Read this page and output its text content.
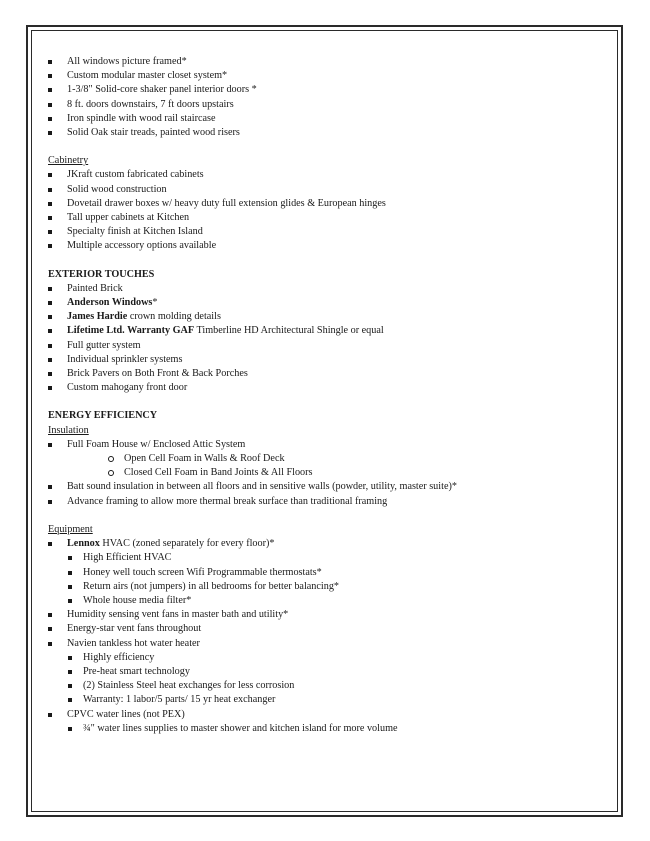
All windows picture framed*
Custom modular master closet system*
1-3/8" Solid-core shaker panel interior doors *
8 ft. doors downstairs, 7 ft doors upstairs
Iron spindle with wood rail staircase
Solid Oak stair treads, painted wood risers
Cabinetry
JKraft custom fabricated cabinets
Solid wood construction
Dovetail drawer boxes w/ heavy duty full extension glides & European hinges
Tall upper cabinets at Kitchen
Specialty finish at Kitchen Island
Multiple accessory options available
EXTERIOR TOUCHES
Painted Brick
Anderson Windows*
James Hardie crown molding details
Lifetime Ltd. Warranty GAF Timberline HD Architectural Shingle or equal
Full gutter system
Individual sprinkler systems
Brick Pavers on Both Front & Back Porches
Custom mahogany front door
ENERGY EFFICIENCY
Insulation
Full Foam House w/ Enclosed Attic System
Open Cell Foam in Walls & Roof Deck
Closed Cell Foam in Band Joints & All Floors
Batt sound insulation in between all floors and in sensitive walls (powder, utility, master suite)*
Advance framing to allow more thermal break surface than traditional framing
Equipment
Lennox HVAC (zoned separately for every floor)*
High Efficient HVAC
Honey well touch screen Wifi Programmable thermostats*
Return airs (not jumpers) in all bedrooms for better balancing*
Whole house media filter*
Humidity sensing vent fans in master bath and utility*
Energy-star vent fans throughout
Navien tankless hot water heater
Highly efficiency
Pre-heat smart technology
(2) Stainless Steel heat exchanges for less corrosion
Warranty: 1 labor/5 parts/ 15 yr heat exchanger
CPVC water lines (not PEX)
¾" water lines supplies to master shower and kitchen island for more volume
